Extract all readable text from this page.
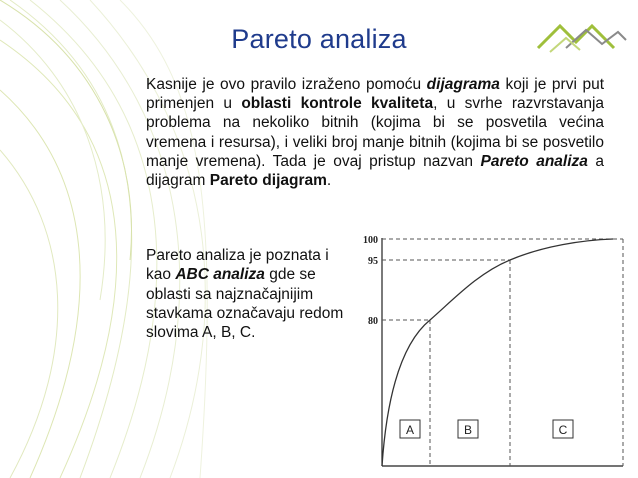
Pareto analiza
Kasnije je ovo pravilo izraženo pomoću dijagrama koji je prvi put primenjen u oblasti kontrole kvaliteta, u svrhe razvrstavanja problema na nekoliko bitnih (kojima bi se posvetila većina vremena i resursa), i veliki broj manje bitnih (kojima bi se posvetilo manje vremena). Tada je ovaj pristup nazvan Pareto analiza a dijagram Pareto dijagram.
Pareto analiza je poznata i kao ABC analiza gde se oblasti sa najznačajnijim stavkama označavaju redom slovima A, B, C.
100
95
80
A	B	C
